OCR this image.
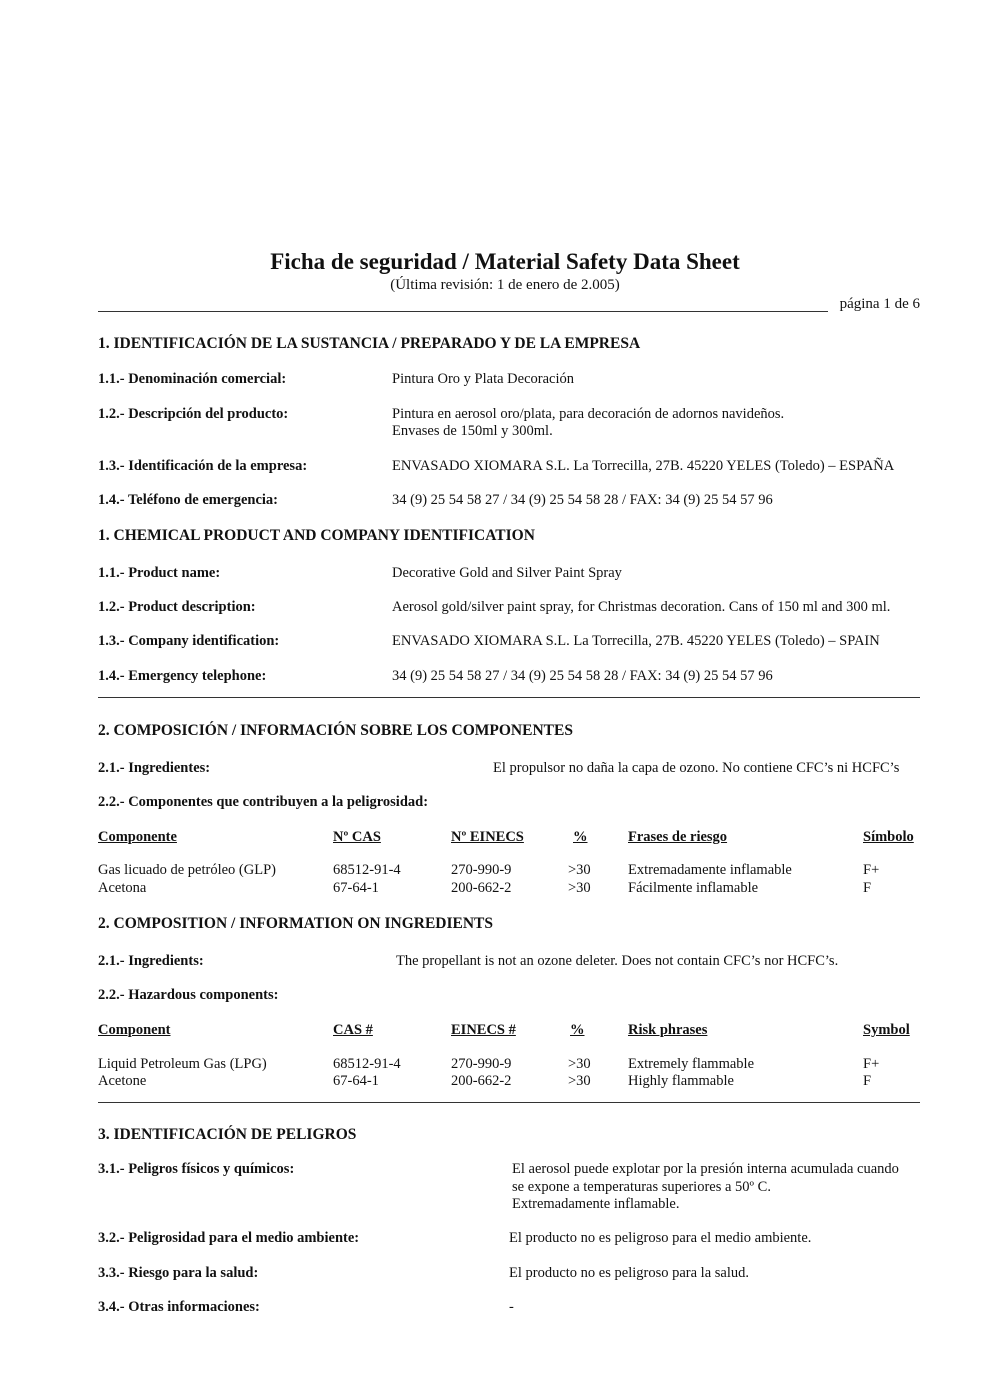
Ficha de seguridad / Material Safety Data Sheet
(Última revisión: 1 de enero de 2.005)
página 1 de 6
1. IDENTIFICACIÓN DE LA SUSTANCIA / PREPARADO Y DE LA EMPRESA
1.1.- Denominación comercial:	Pintura Oro y Plata Decoración
1.2.- Descripción del producto:	Pintura en aerosol oro/plata, para decoración de adornos navideños.
Envases de 150ml y 300ml.
1.3.- Identificación de la empresa:	ENVASADO XIOMARA S.L. La Torrecilla, 27B. 45220 YELES (Toledo) – ESPAÑA
1.4.- Teléfono de emergencia:	34 (9) 25 54 58 27 / 34 (9) 25 54 58 28 / FAX: 34 (9) 25 54 57 96
1. CHEMICAL PRODUCT AND COMPANY IDENTIFICATION
1.1.- Product name:	Decorative Gold and Silver Paint Spray
1.2.- Product description:	Aerosol gold/silver paint spray, for Christmas decoration. Cans of 150 ml and 300 ml.
1.3.- Company identification:	ENVASADO XIOMARA S.L. La Torrecilla, 27B. 45220 YELES (Toledo) – SPAIN
1.4.- Emergency telephone:	34 (9) 25 54 58 27 / 34 (9) 25 54 58 28 / FAX: 34 (9) 25 54 57 96
2. COMPOSICIÓN / INFORMACIÓN SOBRE LOS COMPONENTES
2.1.- Ingredientes:	El propulsor no daña la capa de ozono. No contiene CFC’s ni HCFC’s
2.2.- Componentes que contribuyen a la peligrosidad:
Componente	Nº CAS	Nº EINECS	%	Frases de riesgo	Símbolo
Gas licuado de petróleo (GLP)	68512-91-4	270-990-9	>30	Extremadamente inflamable	F+
Acetona	67-64-1	200-662-2	>30	Fácilmente inflamable	F
2. COMPOSITION / INFORMATION ON INGREDIENTS
2.1.- Ingredients:	The propellant is not an ozone deleter. Does not contain CFC’s nor HCFC’s.
2.2.- Hazardous components:
Component	CAS #	EINECS #	%	Risk phrases	Symbol
Liquid Petroleum Gas (LPG)	68512-91-4	270-990-9	>30	Extremely flammable	F+
Acetone	67-64-1	200-662-2	>30	Highly flammable	F
3. IDENTIFICACIÓN DE PELIGROS
3.1.- Peligros físicos y químicos:	El aerosol puede explotar por la presión interna acumulada cuando
se expone a temperaturas superiores a 50º C.
Extremadamente inflamable.
3.2.- Peligrosidad para el medio ambiente:	El producto no es peligroso para el medio ambiente.
3.3.- Riesgo para la salud:	El producto no es peligroso para la salud.
3.4.- Otras informaciones:	-
